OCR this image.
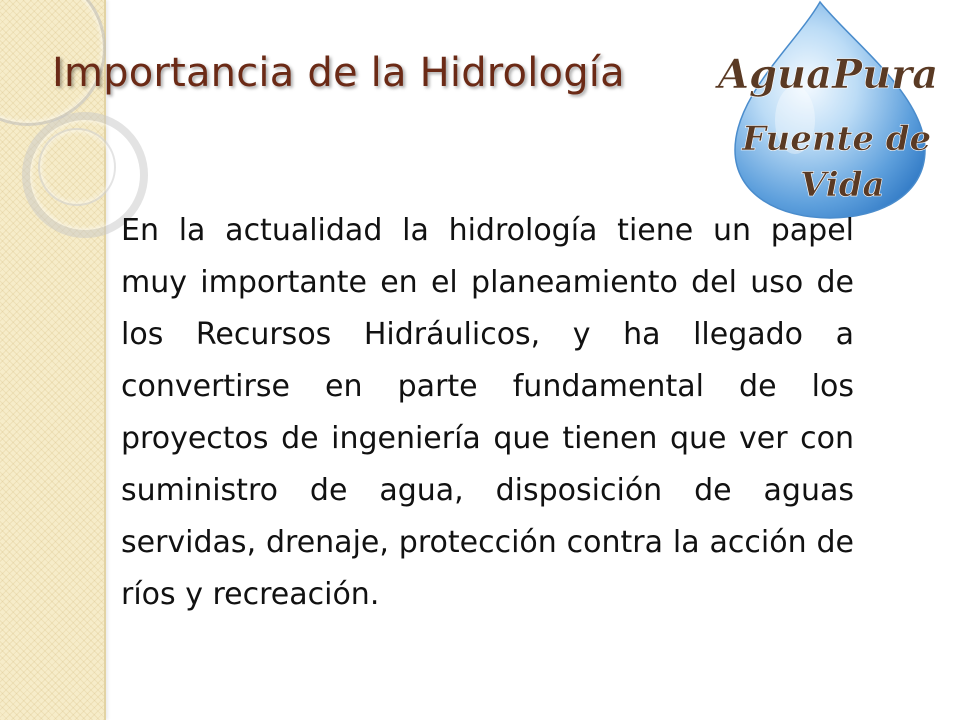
Importancia de la Hidrología AguaPura
Fuente de
Vida

En la actualidad la hidrología tiene un papel muy importante en el planeamiento del uso de los Recursos Hidráulicos, y ha llegado a convertirse en parte fundamental de los proyectos de ingeniería que tienen que ver con suministro de agua, disposición de aguas servidas, drenaje, protección contra la acción de ríos y recreación.
